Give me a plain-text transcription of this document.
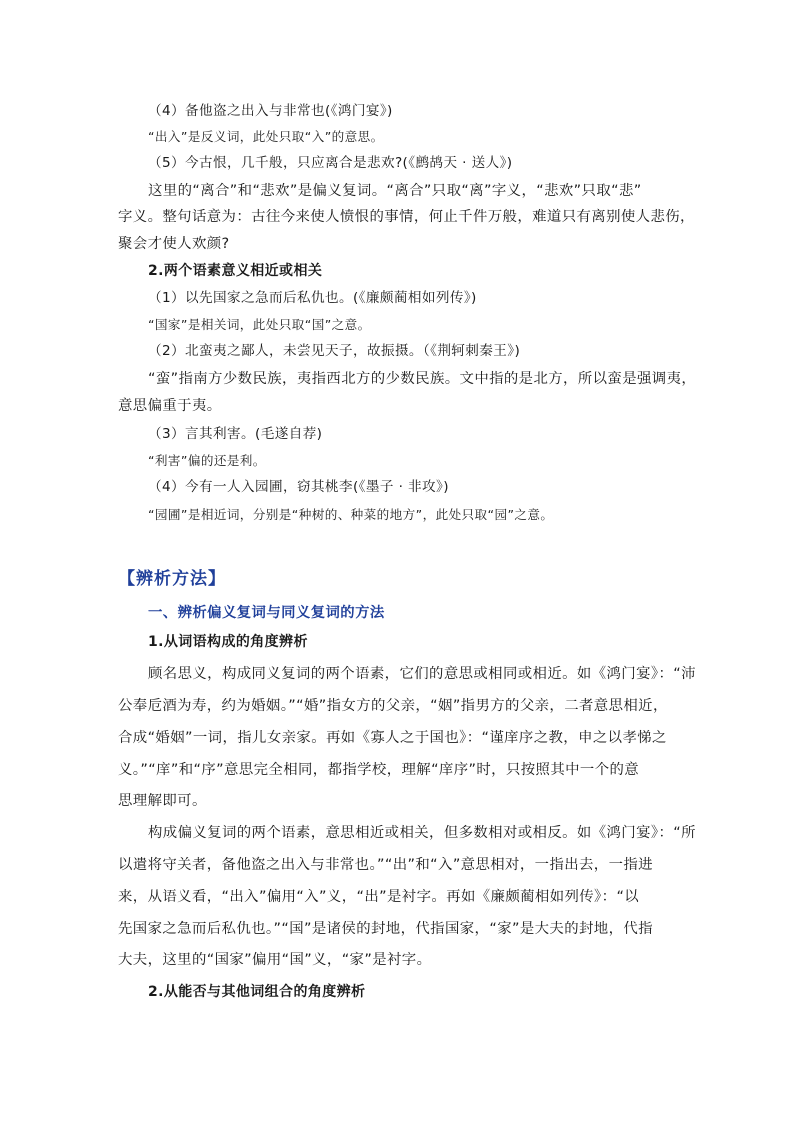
（4）备他盗之出入与非常也(《鸿门宴》)
“出入”是反义词，此处只取“入”的意思。
（5）今古恨，几千般，只应离合是悲欢?(《鹧鸪天 · 送人》)
这里的“离合”和“悲欢”是偏义复词。“离合”只取“离”字义，“悲欢”只取“悲”
字义。整句话意为：古往今来使人愤恨的事情，何止千件万般，难道只有离别使人悲伤，
聚会才使人欢颜?
2.两个语素意义相近或相关
（1）以先国家之急而后私仇也。(《廉颇蔺相如列传》)
“国家”是相关词，此处只取“国”之意。
（2）北蛮夷之鄙人，未尝见天子，故振摄。（《荆轲刺秦王》)
“蛮”指南方少数民族，夷指西北方的少数民族。文中指的是北方，所以蛮是强调夷，
意思偏重于夷。
（3）言其利害。(毛遂自荐)
“利害”偏的还是利。
（4）今有一人入园圃，窃其桃李(《墨子 · 非攻》)
“园圃”是相近词，分别是“种树的、种菜的地方”，此处只取“园”之意。
【辨析方法】
一、辨析偏义复词与同义复词的方法
1.从词语构成的角度辨析
顾名思义，构成同义复词的两个语素，它们的意思或相同或相近。如《鸿门宴》：“沛
公奉卮酒为寿，约为婚姻。”“婚”指女方的父亲，“姻”指男方的父亲，二者意思相近，
合成“婚姻”一词，指儿女亲家。再如《寡人之于国也》：“谨庠序之教，申之以孝悌之
义。”“庠”和“序”意思完全相同，都指学校，理解“庠序”时，只按照其中一个的意
思理解即可。
构成偏义复词的两个语素，意思相近或相关，但多数相对或相反。如《鸿门宴》：“所
以遣将守关者，备他盗之出入与非常也。”“出”和“入”意思相对，一指出去，一指进
来，从语义看，“出入”偏用“入”义，“出”是衬字。再如《廉颇蔺相如列传》：“以
先国家之急而后私仇也。”“国”是诸侯的封地，代指国家，“家”是大夫的封地，代指
大夫，这里的“国家”偏用“国”义，“家”是衬字。
2.从能否与其他词组合的角度辨析
